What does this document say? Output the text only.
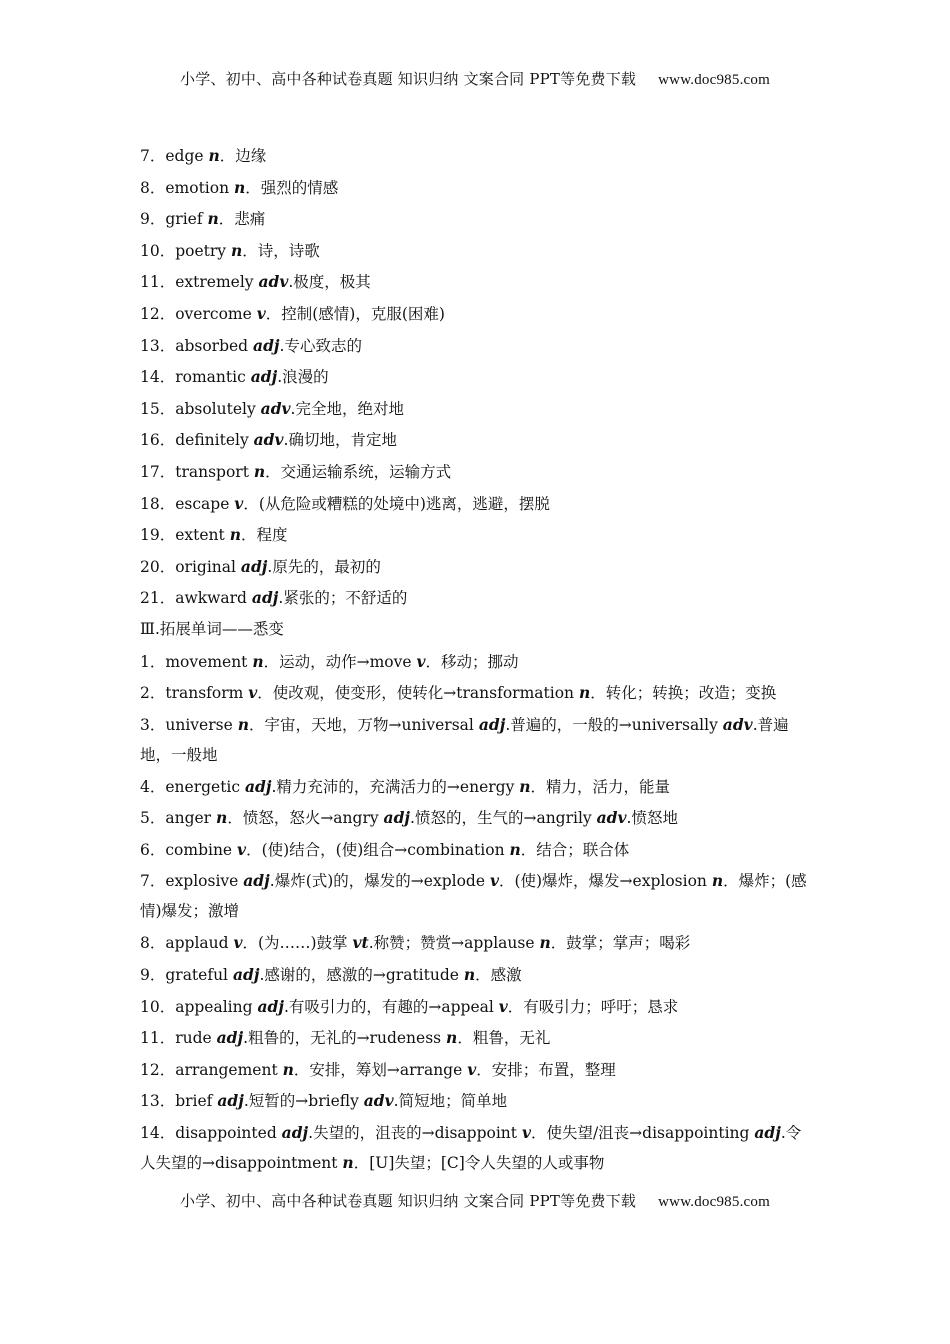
小学、初中、高中各种试卷真题 知识归纳 文案合同 PPT等免费下载 www.doc985.com
7．edge n．边缘
8．emotion n．强烈的情感
9．grief n．悲痛
10．poetry n．诗，诗歌
11．extremely adv.极度，极其
12．overcome v．控制(感情)，克服(困难)
13．absorbed adj.专心致志的
14．romantic adj.浪漫的
15．absolutely adv.完全地，绝对地
16．definitely adv.确切地，肯定地
17．transport n．交通运输系统，运输方式
18．escape v．(从危险或糟糕的处境中)逃离，逃避，摆脱
19．extent n．程度
20．original adj.原先的，最初的
21．awkward adj.紧张的；不舒适的
Ⅲ.拓展单词——悉变
1．movement n．运动，动作→move v．移动；挪动
2．transform v．使改观，使变形，使转化→transformation n．转化；转换；改造；变换
3．universe n．宇宙，天地，万物→universal adj.普遍的，一般的→universally adv.普遍地，一般地
4．energetic adj.精力充沛的，充满活力的→energy n．精力，活力，能量
5．anger n．愤怒，怒火→angry adj.愤怒的，生气的→angrily adv.愤怒地
6．combine v．(使)结合，(使)组合→combination n．结合；联合体
7．explosive adj.爆炸(式)的，爆发的→explode v．(使)爆炸，爆发→explosion n．爆炸；(感情)爆发；激增
8．applaud v．(为……)鼓掌 vt.称赞；赞赏→applause n．鼓掌；掌声；喝彩
9．grateful adj.感谢的，感激的→gratitude n．感激
10．appealing adj.有吸引力的，有趣的→appeal v．有吸引力；呼吁；恳求
11．rude adj.粗鲁的，无礼的→rudeness n．粗鲁，无礼
12．arrangement n．安排，筹划→arrange v．安排；布置，整理
13．brief adj.短暂的→briefly adv.简短地；简单地
14．disappointed adj.失望的，沮丧的→disappoint v．使失望/沮丧→disappointing adj.令人失望的→disappointment n．[U]失望；[C]令人失望的人或事物
小学、初中、高中各种试卷真题 知识归纳 文案合同 PPT等免费下载 www.doc985.com
